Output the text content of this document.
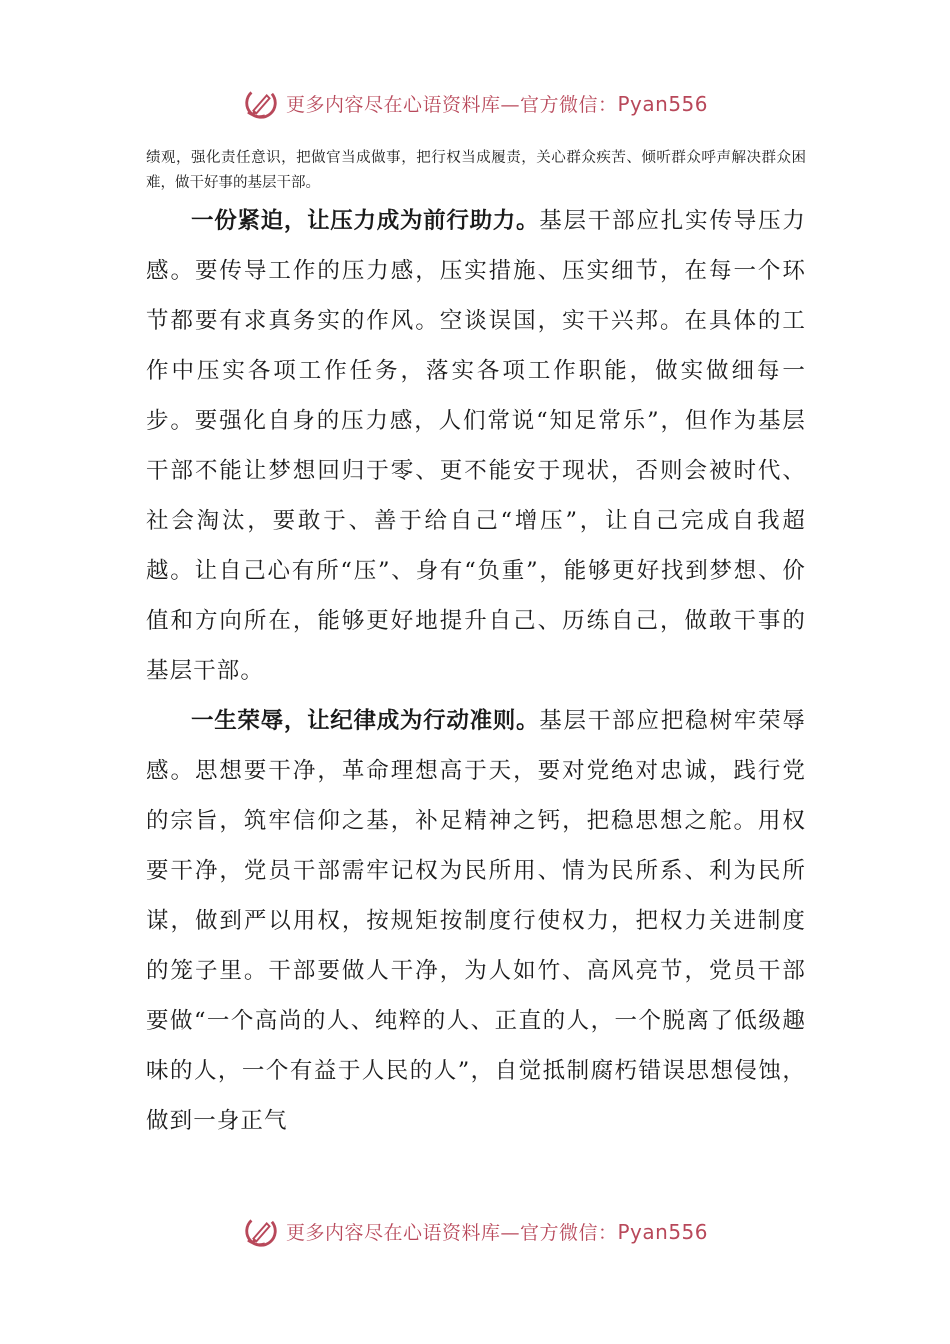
更多内容尽在心语资料库—官方微信：Pyan556

绩观，强化责任意识，把做官当成做事，把行权当成履责，关心群众疾苦、倾听群众呼声解决群众困难，做干好事的基层干部。

一份紧迫，让压力成为前行助力。基层干部应扎实传导压力感。要传导工作的压力感，压实措施、压实细节，在每一个环节都要有求真务实的作风。空谈误国，实干兴邦。在具体的工作中压实各项工作任务，落实各项工作职能，做实做细每一步。要强化自身的压力感，人们常说“知足常乐”，但作为基层干部不能让梦想回归于零、更不能安于现状，否则会被时代、社会淘汰，要敢于、善于给自己“增压”，让自己完成自我超越。让自己心有所“压”、身有“负重”，能够更好找到梦想、价值和方向所在，能够更好地提升自己、历练自己，做敢干事的基层干部。

一生荣辱，让纪律成为行动准则。基层干部应把稳树牢荣辱感。思想要干净，革命理想高于天，要对党绝对忠诚，践行党的宗旨，筑牢信仰之基，补足精神之钙，把稳思想之舵。用权要干净，党员干部需牢记权为民所用、情为民所系、利为民所谋，做到严以用权，按规矩按制度行使权力，把权力关进制度的笼子里。干部要做人干净，为人如竹、高风亮节，党员干部要做“一个高尚的人、纯粹的人、正直的人，一个脱离了低级趣味的人，一个有益于人民的人”，自觉抵制腐朽错误思想侵蚀，做到一身正气

更多内容尽在心语资料库—官方微信：Pyan556
